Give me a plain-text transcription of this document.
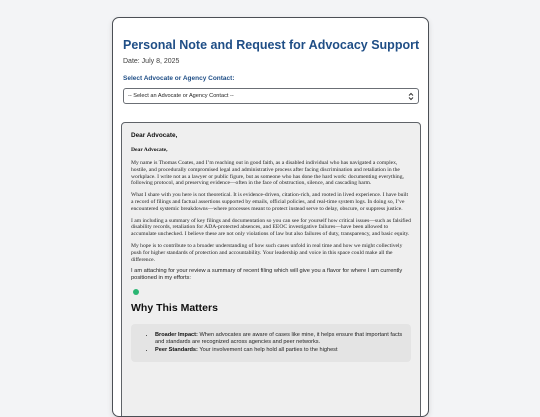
Personal Note and Request for Advocacy Support
Date: July 8, 2025
Select Advocate or Agency Contact:
-- Select an Advocate or Agency Contact --
Dear Advocate,
Dear Advocate,

My name is Thomas Coates, and I’m reaching out in good faith, as a disabled individual who has navigated a complex, hostile, and procedurally compromised legal and administrative process after facing discrimination and retaliation in the workplace. I write not as a lawyer or public figure, but as someone who has done the hard work: documenting everything, following protocol, and preserving evidence—often in the face of obstruction, silence, and cascading harm.

What I share with you here is not theoretical. It is evidence-driven, citation-rich, and rooted in lived experience. I have built a record of filings and factual assertions supported by emails, official policies, and real-time system logs. In doing so, I’ve encountered systemic breakdowns—where processes meant to protect instead serve to delay, obscure, or suppress justice.

I am including a summary of key filings and documentation so you can see for yourself how critical issues—such as falsified disability records, retaliation for ADA-protected absences, and EEOC investigative failures—have been allowed to accumulate unchecked. I believe these are not only violations of law but also failures of duty, transparency, and basic equity.

My hope is to contribute to a broader understanding of how such cases unfold in real time and how we might collectively push for higher standards of protection and accountability. Your leadership and voice in this space could make all the difference.

I am attaching for your review a summary of recent filing which will give you a flavor for where I am currently positioned in my efforts:

Why This Matters
• Broader Impact: When advocates are aware of cases like mine, it helps ensure that important facts and standards are recognized across agencies and peer networks.
• Peer Standards: Your involvement can help hold all parties to the highest
